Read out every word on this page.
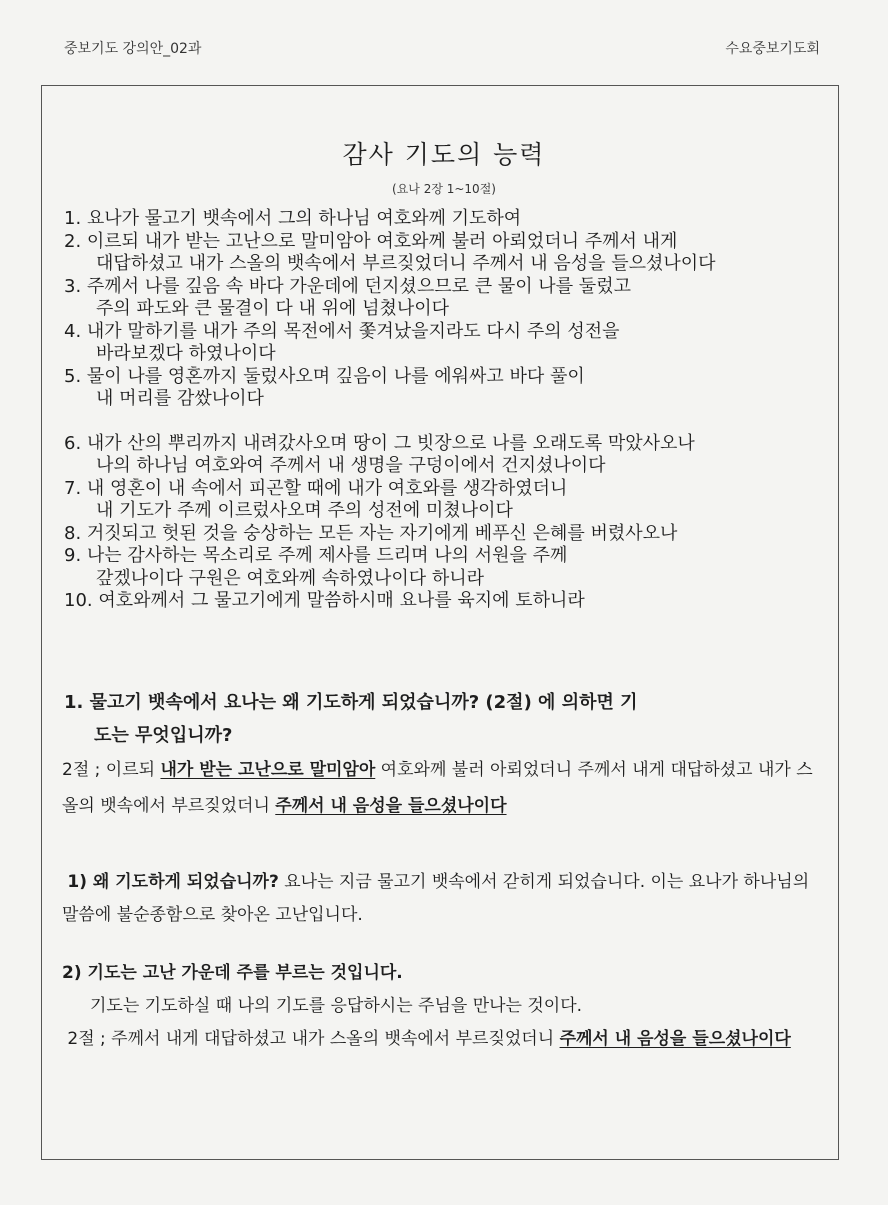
중보기도 강의안_02과	수요중보기도회
감사 기도의 능력
(요나 2장 1~10절)
1. 요나가 물고기 뱃속에서 그의 하나님 여호와께 기도하여
2. 이르되 내가 받는 고난으로 말미암아 여호와께 불러 아뢰었더니 주께서 내게
대답하셨고 내가 스올의 뱃속에서 부르짖었더니 주께서 내 음성을 들으셨나이다
3. 주께서 나를 깊음 속 바다 가운데에 던지셨으므로 큰 물이 나를 둘렀고
주의 파도와 큰 물결이 다 내 위에 넘쳤나이다
4. 내가 말하기를 내가 주의 목전에서 쫓겨났을지라도 다시 주의 성전을
바라보겠다 하였나이다
5. 물이 나를 영혼까지 둘렀사오며 깊음이 나를 에워싸고 바다 풀이
내 머리를 감쌌나이다
6. 내가 산의 뿌리까지 내려갔사오며 땅이 그 빗장으로 나를 오래도록 막았사오나
나의 하나님 여호와여 주께서 내 생명을 구덩이에서 건지셨나이다
7. 내 영혼이 내 속에서 피곤할 때에 내가 여호와를 생각하였더니
내 기도가 주께 이르렀사오며 주의 성전에 미쳤나이다
8. 거짓되고 헛된 것을 숭상하는 모든 자는 자기에게 베푸신 은혜를 버렸사오나
9. 나는 감사하는 목소리로 주께 제사를 드리며 나의 서원을 주께
갚겠나이다 구원은 여호와께 속하였나이다 하니라
10. 여호와께서 그 물고기에게 말씀하시매 요나를 육지에 토하니라
1. 물고기 뱃속에서 요나는 왜 기도하게 되었습니까? (2절) 에 의하면 기
도는 무엇입니까?
2절 ; 이르되 내가 받는 고난으로 말미암아 여호와께 불러 아뢰었더니 주께서 내게 대답하셨고 내가 스올의 뱃속에서 부르짖었더니 주께서 내 음성을 들으셨나이다
1) 왜 기도하게 되었습니까? 요나는 지금 물고기 뱃속에서 갇히게 되었습니다. 이는 요나가 하나님의 말씀에 불순종함으로 찾아온 고난입니다.
2) 기도는 고난 가운데 주를 부르는 것입니다.
기도는 기도하실 때 나의 기도를 응답하시는 주님을 만나는 것이다.
2절 ; 주께서 내게 대답하셨고 내가 스올의 뱃속에서 부르짖었더니 주께서 내 음성을 들으셨나이다
